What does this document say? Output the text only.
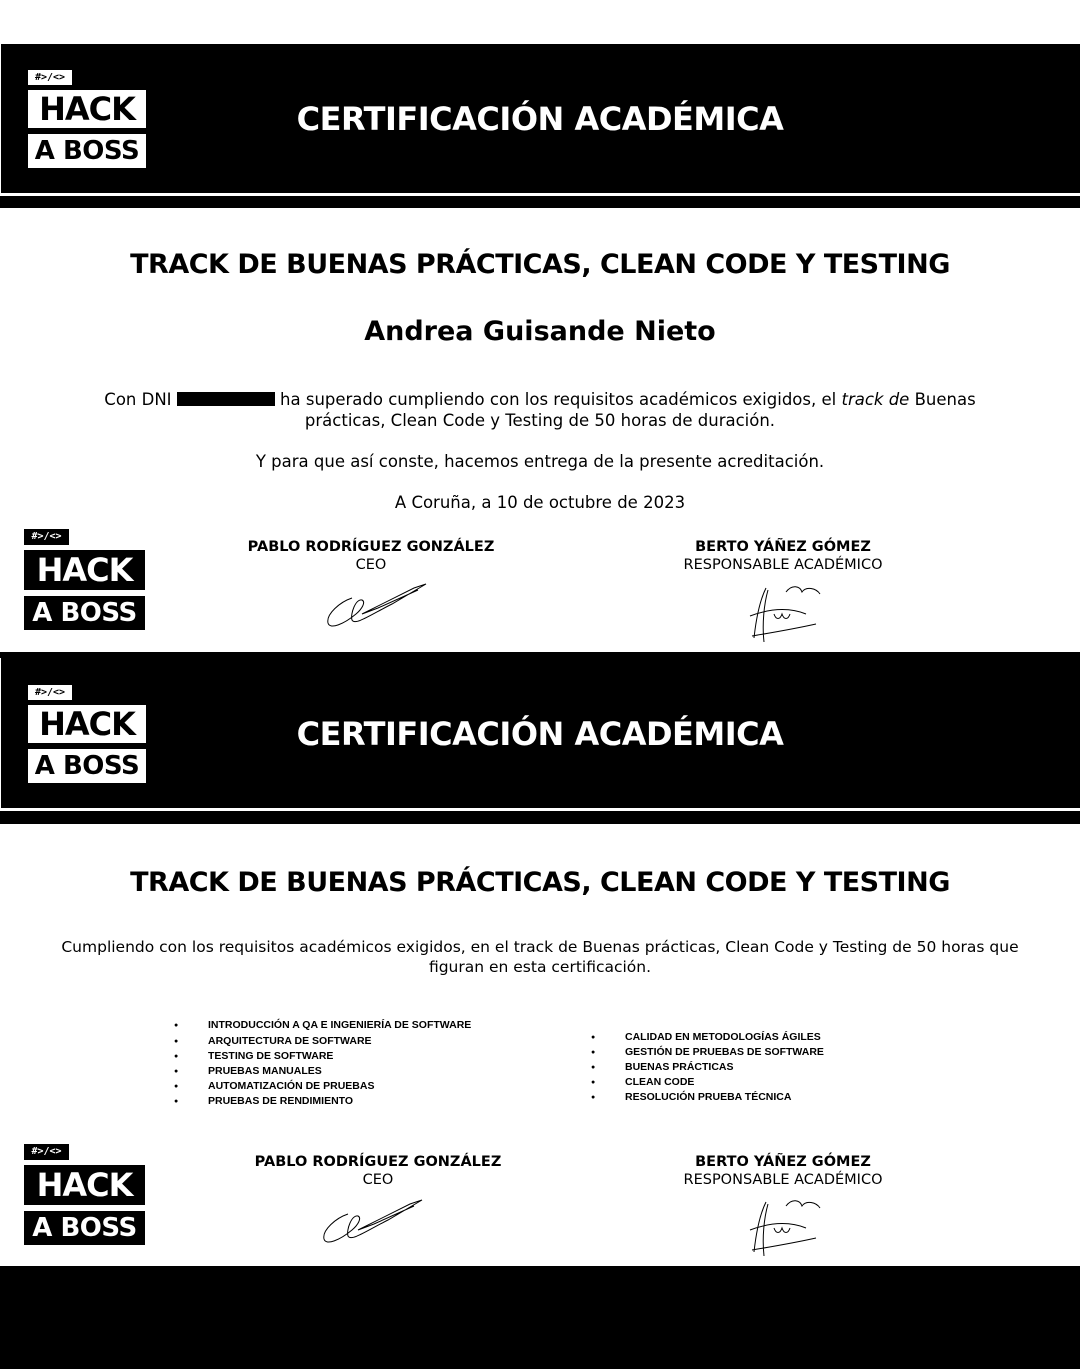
#>/<>
HACK
A BOSS
CERTIFICACIÓN ACADÉMICA
TRACK DE BUENAS PRÁCTICAS, CLEAN CODE Y TESTING
Andrea Guisande Nieto
Con DNI	ha superado cumpliendo con los requisitos académicos exigidos, el track de Buenas
prácticas, Clean Code y Testing de 50 horas de duración.
Y para que así conste, hacemos entrega de la presente acreditación.
A Coruña, a 10 de octubre de 2023
#>/<>
HACK
A BOSS
PABLO RODRÍGUEZ GONZÁLEZ
CEO
BERTO YÁÑEZ GÓMEZ
RESPONSABLE ACADÉMICO
#>/<>
HACK
A BOSS
CERTIFICACIÓN ACADÉMICA
TRACK DE BUENAS PRÁCTICAS, CLEAN CODE Y TESTING
Cumpliendo con los requisitos académicos exigidos, en el track de Buenas prácticas, Clean Code y Testing de 50 horas que
figuran en esta certificación.
● INTRODUCCIÓN A QA E INGENIERÍA DE SOFTWARE
● ARQUITECTURA DE SOFTWARE
● TESTING DE SOFTWARE
● PRUEBAS MANUALES
● AUTOMATIZACIÓN DE PRUEBAS
● PRUEBAS DE RENDIMIENTO
● CALIDAD EN METODOLOGÍAS ÁGILES
● GESTIÓN DE PRUEBAS DE SOFTWARE
● BUENAS PRÁCTICAS
● CLEAN CODE
● RESOLUCIÓN PRUEBA TÉCNICA
#>/<>
HACK
A BOSS
PABLO RODRÍGUEZ GONZÁLEZ
CEO
BERTO YÁÑEZ GÓMEZ
RESPONSABLE ACADÉMICO
